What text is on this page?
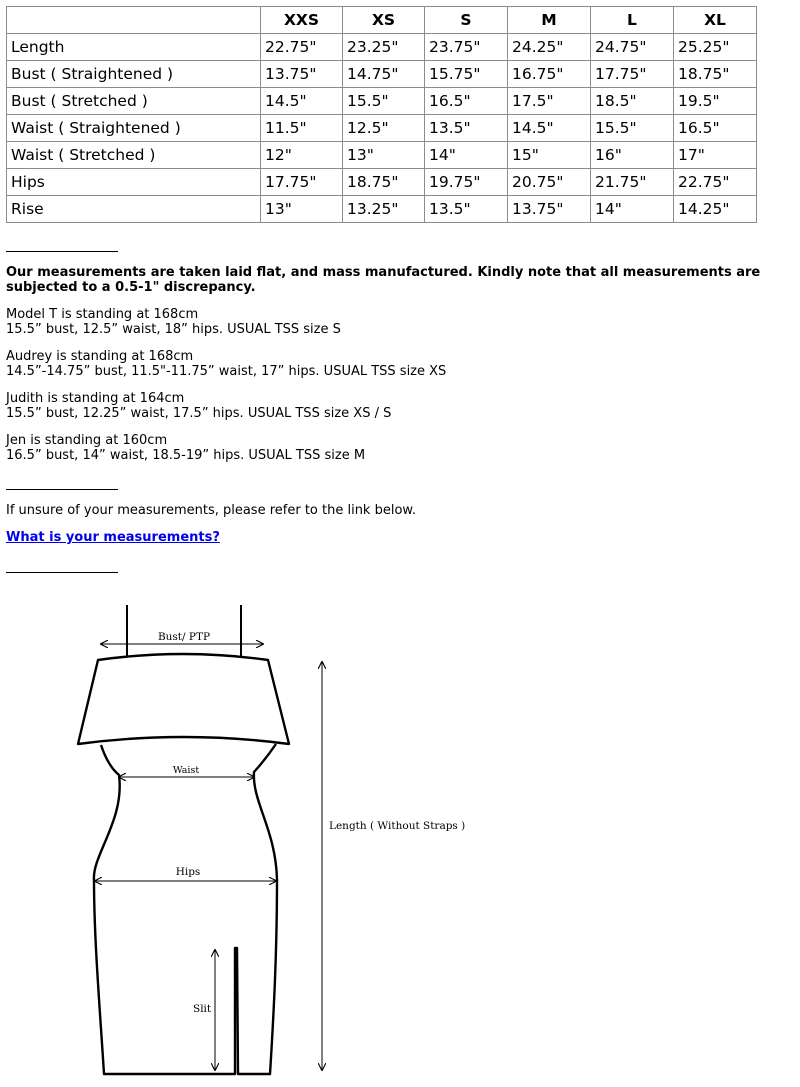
	XXS	XS	S	M	L	XL
Length	22.75"	23.25"	23.75"	24.25"	24.75"	25.25"
Bust ( Straightened )	13.75"	14.75"	15.75"	16.75"	17.75"	18.75"
Bust ( Stretched )	14.5"	15.5"	16.5"	17.5"	18.5"	19.5"
Waist ( Straightened )	11.5"	12.5"	13.5"	14.5"	15.5"	16.5"
Waist ( Stretched )	12"	13"	14"	15"	16"	17"
Hips	17.75"	18.75"	19.75"	20.75"	21.75"	22.75"
Rise	13"	13.25"	13.5"	13.75"	14"	14.25"
Our measurements are taken laid flat, and mass manufactured. Kindly note that all measurements are subjected to a 0.5-1" discrepancy.
Model T is standing at 168cm
15.5” bust, 12.5” waist, 18” hips. USUAL TSS size S
Audrey is standing at 168cm
14.5”-14.75” bust, 11.5"-11.75” waist, 17” hips. USUAL TSS size XS
Judith is standing at 164cm
15.5” bust, 12.25” waist, 17.5” hips. USUAL TSS size XS / S
Jen is standing at 160cm
16.5” bust, 14” waist, 18.5-19” hips. USUAL TSS size M
If unsure of your measurements, please refer to the link below.
What is your measurements?
Bust/ PTP
Waist
Hips
Slit
Length ( Without Straps )
